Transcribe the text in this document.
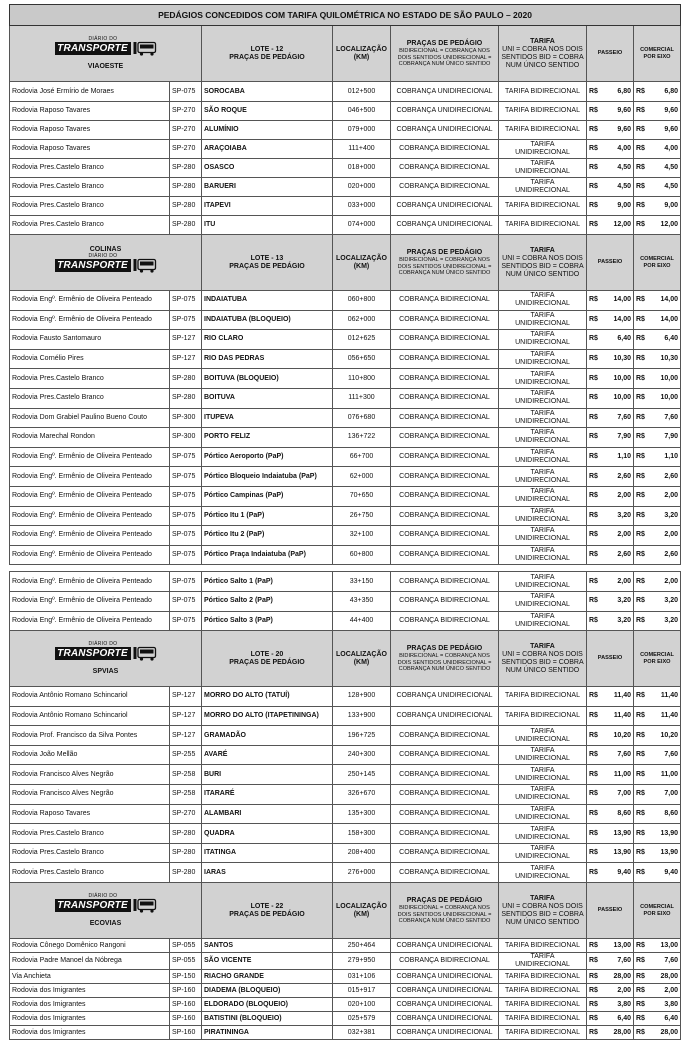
PEDÁGIOS CONCEDIDOS COM TARIFA QUILOMÉTRICA NO ESTADO DE SÃO PAULO – 2020							

DIÁRIO DO
TRANSPORTE
VIAOESTE		LOTE - 12
PRAÇAS DE PEDÁGIO	LOCALIZAÇÃO (KM)	PRAÇAS DE PEDÁGIO
BIDIRECIONAL = COBRANÇA NOS DOIS SENTIDOS UNIDIRECIONAL = COBRANÇA NUM ÚNICO SENTIDO	TARIFA
UNI = COBRA NOS DOIS SENTIDOS BID = COBRA NUM ÚNICO SENTIDO	PASSEIO	COMERCIAL POR EIXO
Rodovia José Ermírio de Moraes	SP-075	SOROCABA	012+500	COBRANÇA UNIDIRECIONAL	TARIFA BIDIRECIONAL	R$ 6,80	R$ 6,80

Rodovia Raposo Tavares	SP-270	SÃO ROQUE	046+500	COBRANÇA UNIDIRECIONAL	TARIFA BIDIRECIONAL	R$ 9,60	R$ 9,60

Rodovia Raposo Tavares	SP-270	ALUMÍNIO	079+000	COBRANÇA UNIDIRECIONAL	TARIFA BIDIRECIONAL	R$ 9,60	R$ 9,60

Rodovia Raposo Tavares	SP-270	ARAÇOIABA	111+400	COBRANÇA BIDIRECIONAL	TARIFA UNIDIRECIONAL	R$ 4,00	R$ 4,00

Rodovia Pres.Castelo Branco	SP-280	OSASCO	018+000	COBRANÇA BIDIRECIONAL	TARIFA UNIDIRECIONAL	R$ 4,50	R$ 4,50

Rodovia Pres.Castelo Branco	SP-280	BARUERI	020+000	COBRANÇA BIDIRECIONAL	TARIFA UNIDIRECIONAL	R$ 4,50	R$ 4,50

Rodovia Pres.Castelo Branco	SP-280	ITAPEVI	033+000	COBRANÇA UNIDIRECIONAL	TARIFA BIDIRECIONAL	R$ 9,00	R$ 9,00

Rodovia Pres.Castelo Branco	SP-280	ITU	074+000	COBRANÇA UNIDIRECIONAL	TARIFA BIDIRECIONAL	R$ 12,00	R$ 12,00

COLINAS
DIÁRIO DO
TRANSPORTE		LOTE - 13
PRAÇAS DE PEDÁGIO	LOCALIZAÇÃO (KM)	PRAÇAS DE PEDÁGIO
BIDIRECIONAL = COBRANÇA NOS DOIS SENTIDOS UNIDIRECIONAL = COBRANÇA NUM ÚNICO SENTIDO	TARIFA
UNI = COBRA NOS DOIS SENTIDOS BID = COBRA NUM ÚNICO SENTIDO	PASSEIO	COMERCIAL POR EIXO
Rodovia Engº. Ermênio de Oliveira Penteado	SP-075	INDAIATUBA	060+800	COBRANÇA BIDIRECIONAL	TARIFA UNIDIRECIONAL	R$ 14,00	R$ 14,00

Rodovia Engº. Ermênio de Oliveira Penteado	SP-075	INDAIATUBA (BLOQUEIO)	062+000	COBRANÇA BIDIRECIONAL	TARIFA UNIDIRECIONAL	R$ 14,00	R$ 14,00

Rodovia Fausto Santomauro	SP-127	RIO CLARO	012+625	COBRANÇA BIDIRECIONAL	TARIFA UNIDIRECIONAL	R$ 6,40	R$ 6,40

Rodovia Cornélio Pires	SP-127	RIO DAS PEDRAS	056+650	COBRANÇA BIDIRECIONAL	TARIFA UNIDIRECIONAL	R$ 10,30	R$ 10,30

Rodovia Pres.Castelo Branco	SP-280	BOITUVA (BLOQUEIO)	110+800	COBRANÇA BIDIRECIONAL	TARIFA UNIDIRECIONAL	R$ 10,00	R$ 10,00

Rodovia Pres.Castelo Branco	SP-280	BOITUVA	111+300	COBRANÇA BIDIRECIONAL	TARIFA UNIDIRECIONAL	R$ 10,00	R$ 10,00

Rodovia Dom Grabiel Paulino Bueno Couto	SP-300	ITUPEVA	076+680	COBRANÇA BIDIRECIONAL	TARIFA UNIDIRECIONAL	R$ 7,60	R$ 7,60

Rodovia Marechal Rondon	SP-300	PORTO FELIZ	136+722	COBRANÇA BIDIRECIONAL	TARIFA UNIDIRECIONAL	R$ 7,90	R$ 7,90

Rodovia Engº. Ermênio de Oliveira Penteado	SP-075	Pórtico Aeroporto (PaP)	66+700	COBRANÇA BIDIRECIONAL	TARIFA UNIDIRECIONAL	R$ 1,10	R$ 1,10

Rodovia Engº. Ermênio de Oliveira Penteado	SP-075	Pórtico Bloqueio Indaiatuba (PaP)	62+000	COBRANÇA BIDIRECIONAL	TARIFA UNIDIRECIONAL	R$ 2,60	R$ 2,60

Rodovia Engº. Ermênio de Oliveira Penteado	SP-075	Pórtico Campinas (PaP)	70+650	COBRANÇA BIDIRECIONAL	TARIFA UNIDIRECIONAL	R$ 2,00	R$ 2,00

Rodovia Engº. Ermênio de Oliveira Penteado	SP-075	Pórtico Itu 1 (PaP)	26+750	COBRANÇA BIDIRECIONAL	TARIFA UNIDIRECIONAL	R$ 3,20	R$ 3,20

Rodovia Engº. Ermênio de Oliveira Penteado	SP-075	Pórtico Itu 2 (PaP)	32+100	COBRANÇA BIDIRECIONAL	TARIFA UNIDIRECIONAL	R$ 2,00	R$ 2,00

Rodovia Engº. Ermênio de Oliveira Penteado	SP-075	Pórtico Praça Indaiatuba (PaP)	60+800	COBRANÇA BIDIRECIONAL	TARIFA UNIDIRECIONAL	R$ 2,60	R$ 2,60

Rodovia Engº. Ermênio de Oliveira Penteado	SP-075	Pórtico Salto 1 (PaP)	33+150	COBRANÇA BIDIRECIONAL	TARIFA UNIDIRECIONAL	R$ 2,00	R$ 2,00

Rodovia Engº. Ermênio de Oliveira Penteado	SP-075	Pórtico Salto 2 (PaP)	43+350	COBRANÇA BIDIRECIONAL	TARIFA UNIDIRECIONAL	R$ 3,20	R$ 3,20

Rodovia Engº. Ermênio de Oliveira Penteado	SP-075	Pórtico Salto 3 (PaP)	44+400	COBRANÇA BIDIRECIONAL	TARIFA UNIDIRECIONAL	R$ 3,20	R$ 3,20

DIÁRIO DO
TRANSPORTE
SPVIAS		LOTE - 20
PRAÇAS DE PEDÁGIO	LOCALIZAÇÃO (KM)	PRAÇAS DE PEDÁGIO
BIDIRECIONAL = COBRANÇA NOS DOIS SENTIDOS UNIDIRECIONAL = COBRANÇA NUM ÚNICO SENTIDO	TARIFA
UNI = COBRA NOS DOIS SENTIDOS BID = COBRA NUM ÚNICO SENTIDO	PASSEIO	COMERCIAL POR EIXO
Rodovia Antônio Romano Schincariol	SP-127	MORRO DO ALTO (TATUÍ)	128+900	COBRANÇA UNIDIRECIONAL	TARIFA BIDIRECIONAL	R$ 11,40	R$ 11,40

Rodovia Antônio Romano Schincariol	SP-127	MORRO DO ALTO (ITAPETININGA)	133+900	COBRANÇA UNIDIRECIONAL	TARIFA BIDIRECIONAL	R$ 11,40	R$ 11,40

Rodovia Prof. Francisco da Silva Pontes	SP-127	GRAMADÃO	196+725	COBRANÇA BIDIRECIONAL	TARIFA UNIDIRECIONAL	R$ 10,20	R$ 10,20

Rodovia João Mellão	SP-255	AVARÉ	240+300	COBRANÇA BIDIRECIONAL	TARIFA UNIDIRECIONAL	R$ 7,60	R$ 7,60

Rodovia Francisco Alves Negrão	SP-258	BURI	250+145	COBRANÇA BIDIRECIONAL	TARIFA UNIDIRECIONAL	R$ 11,00	R$ 11,00

Rodovia Francisco Alves Negrão	SP-258	ITARARÉ	326+670	COBRANÇA BIDIRECIONAL	TARIFA UNIDIRECIONAL	R$ 7,00	R$ 7,00

Rodovia Raposo Tavares	SP-270	ALAMBARI	135+300	COBRANÇA BIDIRECIONAL	TARIFA UNIDIRECIONAL	R$ 8,60	R$ 8,60

Rodovia Pres.Castelo Branco	SP-280	QUADRA	158+300	COBRANÇA BIDIRECIONAL	TARIFA UNIDIRECIONAL	R$ 13,90	R$ 13,90

Rodovia Pres.Castelo Branco	SP-280	ITATINGA	208+400	COBRANÇA BIDIRECIONAL	TARIFA UNIDIRECIONAL	R$ 13,90	R$ 13,90

Rodovia Pres.Castelo Branco	SP-280	IARAS	276+000	COBRANÇA BIDIRECIONAL	TARIFA UNIDIRECIONAL	R$ 9,40	R$ 9,40

DIÁRIO DO
TRANSPORTE
ECOVIAS		LOTE - 22
PRAÇAS DE PEDÁGIO	LOCALIZAÇÃO (KM)	PRAÇAS DE PEDÁGIO
BIDIRECIONAL = COBRANÇA NOS DOIS SENTIDOS UNIDIRECIONAL = COBRANÇA NUM ÚNICO SENTIDO	TARIFA
UNI = COBRA NOS DOIS SENTIDOS BID = COBRA NUM ÚNICO SENTIDO	PASSEIO	COMERCIAL POR EIXO
Rodovia Cônego Domênico Rangoni	SP-055	SANTOS	250+464	COBRANÇA UNIDIRECIONAL	TARIFA BIDIRECIONAL	R$ 13,00	R$ 13,00

Rodovia Padre Manoel da Nóbrega	SP-055	SÃO VICENTE	279+950	COBRANÇA BIDIRECIONAL	TARIFA UNIDIRECIONAL	R$ 7,60	R$ 7,60

Via Anchieta	SP-150	RIACHO GRANDE	031+106	COBRANÇA UNIDIRECIONAL	TARIFA BIDIRECIONAL	R$ 28,00	R$ 28,00

Rodovia dos Imigrantes	SP-160	DIADEMA (BLOQUEIO)	015+917	COBRANÇA UNIDIRECIONAL	TARIFA BIDIRECIONAL	R$ 2,00	R$ 2,00

Rodovia dos Imigrantes	SP-160	ELDORADO (BLOQUEIO)	020+100	COBRANÇA UNIDIRECIONAL	TARIFA BIDIRECIONAL	R$ 3,80	R$ 3,80

Rodovia dos Imigrantes	SP-160	BATISTINI (BLOQUEIO)	025+579	COBRANÇA UNIDIRECIONAL	TARIFA BIDIRECIONAL	R$ 6,40	R$ 6,40

Rodovia dos Imigrantes	SP-160	PIRATININGA	032+381	COBRANÇA UNIDIRECIONAL	TARIFA BIDIRECIONAL	R$ 28,00	R$ 28,00
